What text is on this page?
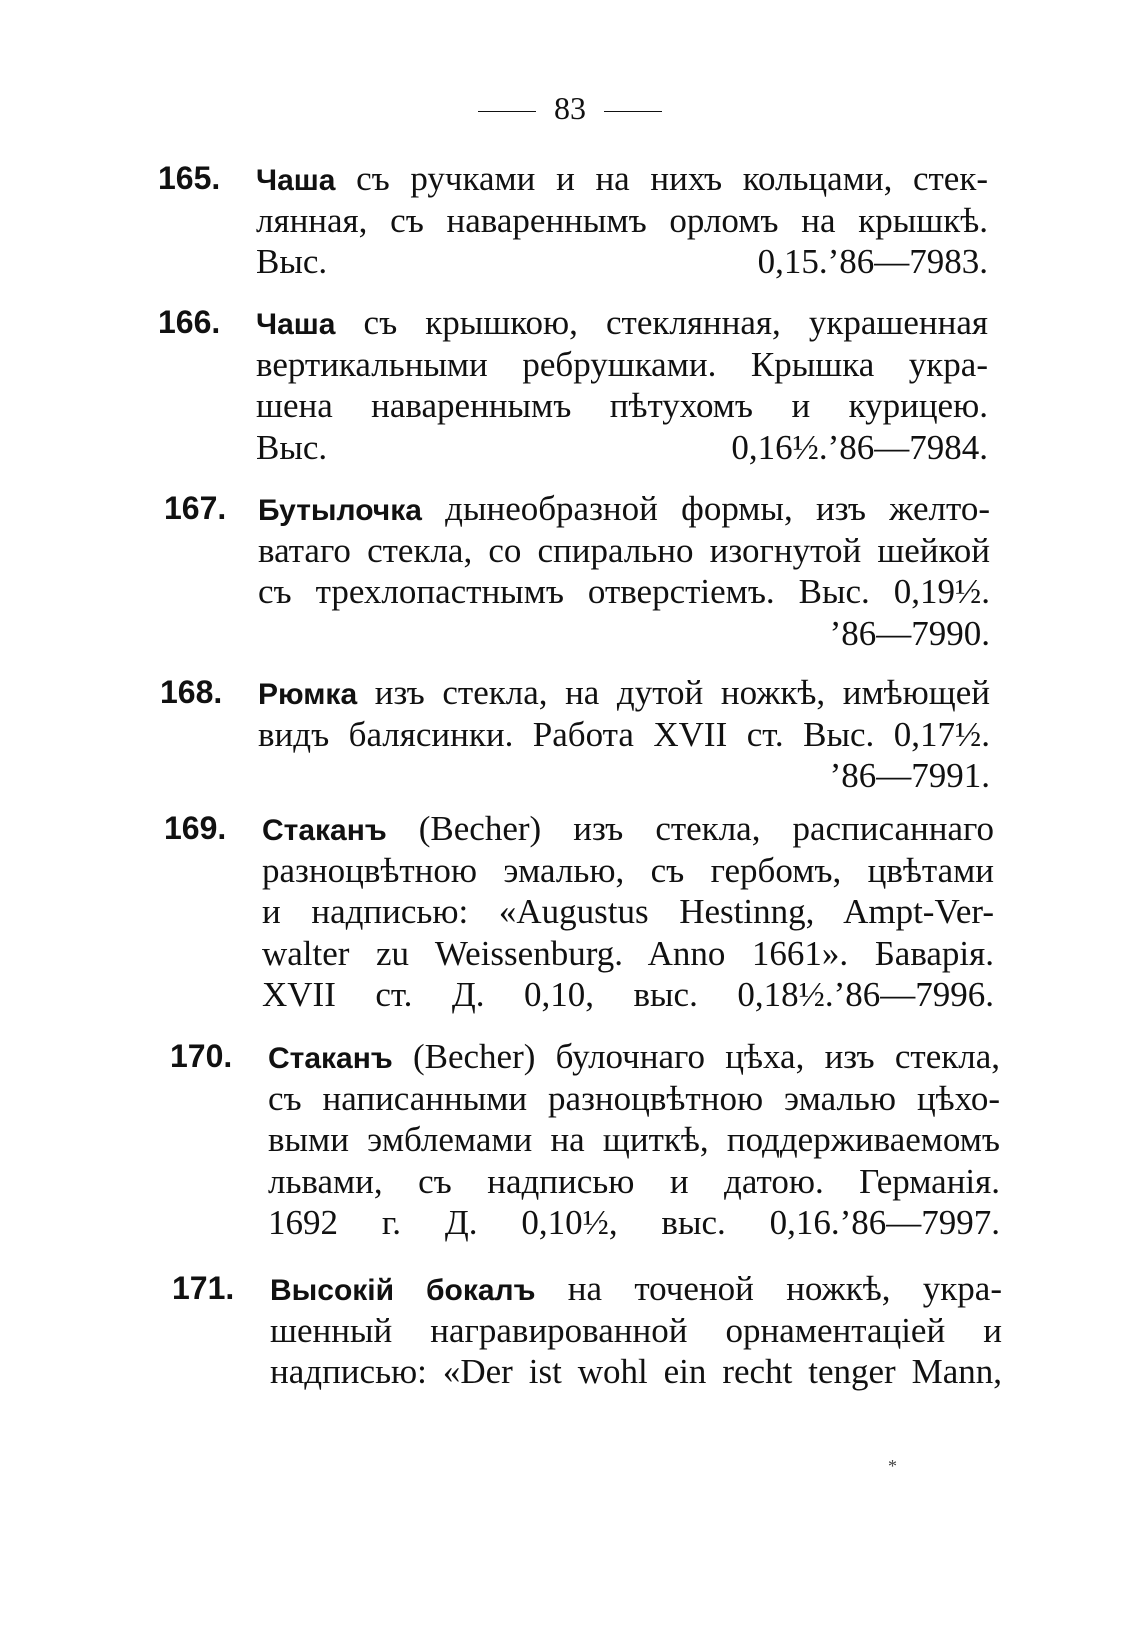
83
165. Чаша съ ручками и на нихъ кольцами, стек-
лянная, съ навареннымъ орломъ на крышкѣ.
Выс. 0,15.’86—7983.
166. Чаша съ крышкою, стеклянная, украшенная
вертикальными ребрушками. Крышка укра-
шена навареннымъ пѣтухомъ и курицею.
Выс. 0,16½.’86—7984.
167. Бутылочка дынеобразной формы, изъ желто-
ватаго стекла, со спирально изогнутой шейкой
съ трехлопастнымъ отверстіемъ. Выс. 0,19½.
’86—7990.
168. Рюмка изъ стекла, на дутой ножкѣ, имѣющей
видъ балясинки. Работа XVII ст. Выс. 0,17½.
’86—7991.
169. Стаканъ (Becher) изъ стекла, расписаннаго
разноцвѣтною эмалью, съ гербомъ, цвѣтами
и надписью: «Augustus Hestinng, Ampt-Ver-
walter zu Weissenburg. Anno 1661». Баварія.
XVII ст. Д. 0,10, выс. 0,18½.’86—7996.
170. Стаканъ (Becher) булочнаго цѣха, изъ стекла,
съ написанными разноцвѣтною эмалью цѣхо-
выми эмблемами на щиткѣ, поддерживаемомъ
львами, съ надписью и датою. Германія.
1692 г. Д. 0,10½, выс. 0,16.’86—7997.
171. Высокій бокалъ на точеной ножкѣ, укра-
шенный награвированной орнаментаціей и
надписью: «Der ist wohl ein recht tenger Mann,
*
